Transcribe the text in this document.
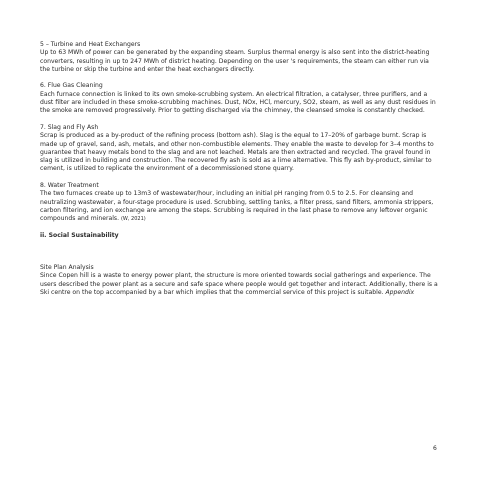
5 – Turbine and Heat Exchangers

Up to 63 MWh of power can be generated by the expanding steam. Surplus thermal energy is also sent into the district-heating converters, resulting in up to 247 MWh of district heating. Depending on the user 's requirements, the steam can either run via the turbine or skip the turbine and enter the heat exchangers directly.

6. Flue Gas Cleaning

Each furnace connection is linked to its own smoke-scrubbing system. An electrical filtration, a catalyser, three purifiers, and a dust filter are included in these smoke-scrubbing machines. Dust, NOx, HCl, mercury, SO2, steam, as well as any dust residues in the smoke are removed progressively. Prior to getting discharged via the chimney, the cleansed smoke is constantly checked.

7. Slag and Fly Ash

Scrap is produced as a by-product of the refining process (bottom ash). Slag is the equal to 17–20% of garbage burnt. Scrap is made up of gravel, sand, ash, metals, and other non-combustible elements. They enable the waste to develop for 3–4 months to guarantee that heavy metals bond to the slag and are not leached. Metals are then extracted and recycled. The gravel found in slag is utilized in building and construction. The recovered fly ash is sold as a lime alternative. This fly ash by-product, similar to cement, is utilized to replicate the environment of a decommissioned stone quarry.

8. Water Treatment

The two furnaces create up to 13m3 of wastewater/hour, including an initial pH ranging from 0.5 to 2.5. For cleansing and neutralizing wastewater, a four-stage procedure is used. Scrubbing, settling tanks, a filter press, sand filters, ammonia strippers, carbon filtering, and ion exchange are among the steps. Scrubbing is required in the last phase to remove any leftover organic compounds and minerals. (W, 2021)

ii. Social Sustainability

Site Plan Analysis

Since Copen hill is a waste to energy power plant, the structure is more oriented towards social gatherings and experience. The users described the power plant as a secure and safe space where people would get together and interact. Additionally, there is a Ski centre on the top accompanied by a bar which implies that the commercial service of this project is suitable. Appendix

6
